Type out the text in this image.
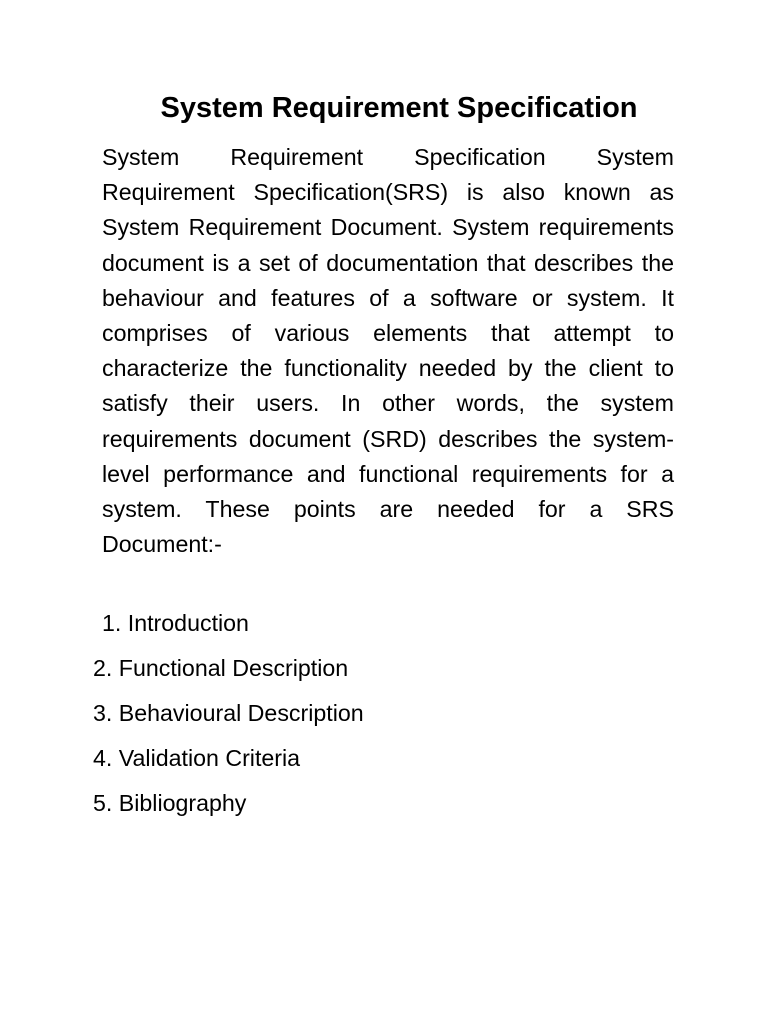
System Requirement Specification

System Requirement Specification System Requirement Specification(SRS) is also known as System Requirement Document. System requirements document is a set of documentation that describes the behaviour and features of a software or system. It comprises of various elements that attempt to characterize the functionality needed by the client to satisfy their users. In other words, the system requirements document (SRD) describes the system-level performance and functional requirements for a system. These points are needed for a SRS Document:-

1. Introduction
2. Functional Description
3. Behavioural Description
4. Validation Criteria
5. Bibliography
